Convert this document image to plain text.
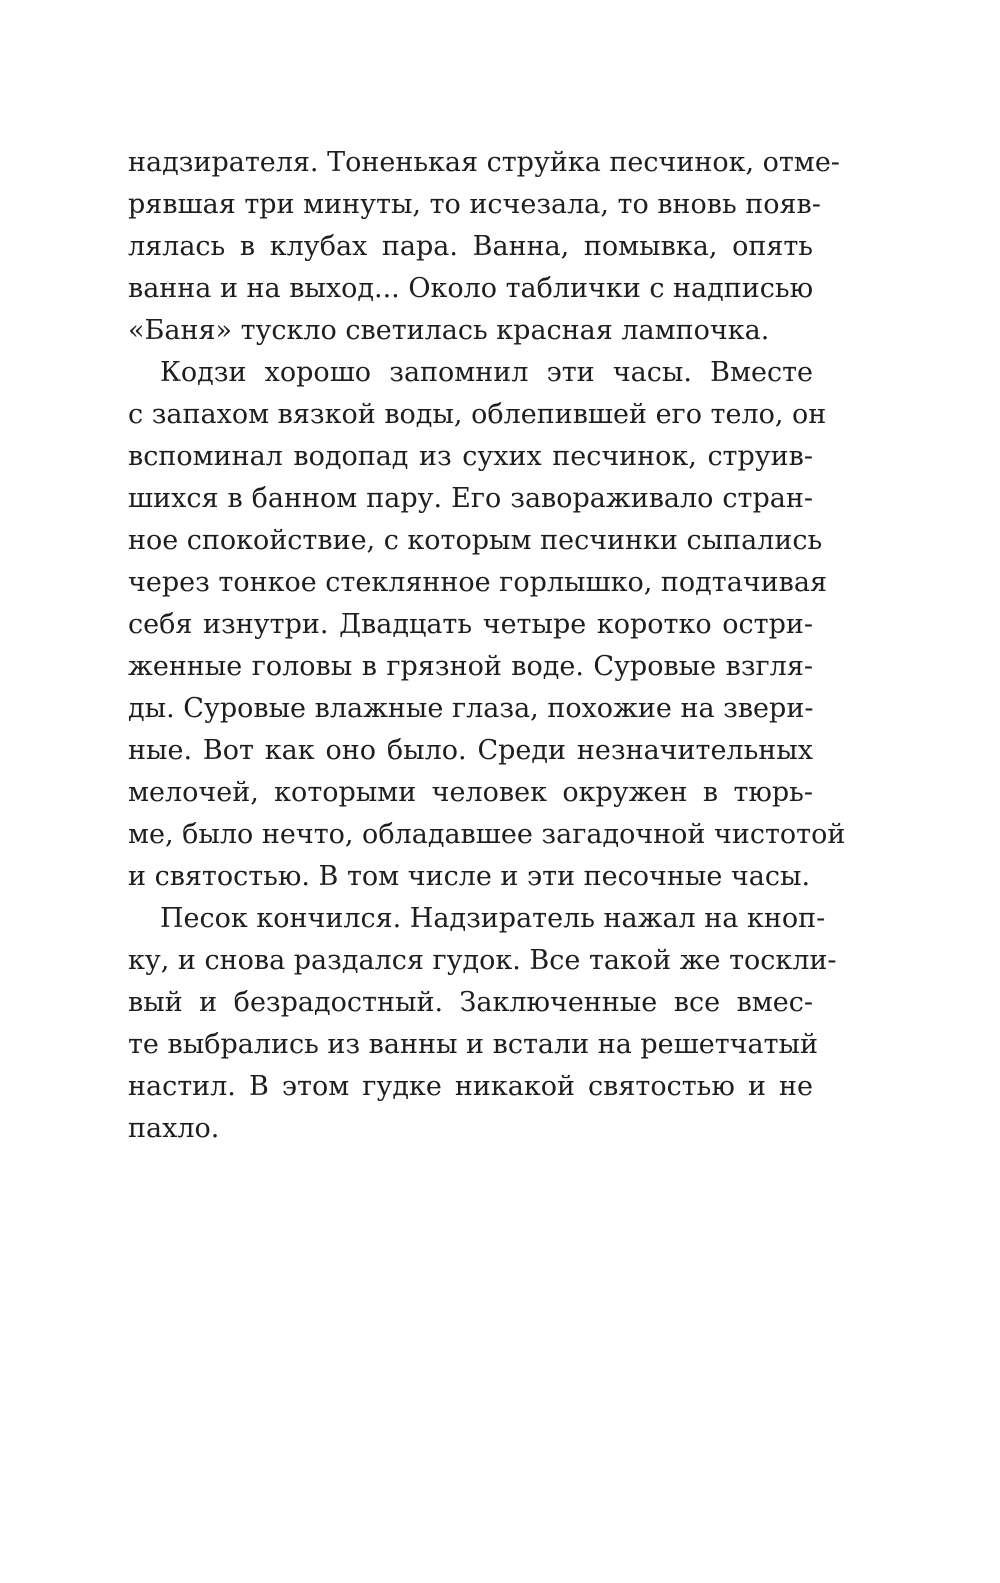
надзирателя. Тоненькая струйка песчинок, отме-
рявшая три минуты, то исчезала, то вновь появ-
лялась в клубах пара. Ванна, помывка, опять
ванна и на выход... Около таблички с надписью
«Баня» тускло светилась красная лампочка.
Кодзи хорошо запомнил эти часы. Вместе
с запахом вязкой воды, облепившей его тело, он
вспоминал водопад из сухих песчинок, струив-
шихся в банном пару. Его завораживало стран-
ное спокойствие, с которым песчинки сыпались
через тонкое стеклянное горлышко, подтачивая
себя изнутри. Двадцать четыре коротко остри-
женные головы в грязной воде. Суровые взгля-
ды. Суровые влажные глаза, похожие на звери-
ные. Вот как оно было. Среди незначительных
мелочей, которыми человек окружен в тюрь-
ме, было нечто, обладавшее загадочной чистотой
и святостью. В том числе и эти песочные часы.
Песок кончился. Надзиратель нажал на кноп-
ку, и снова раздался гудок. Все такой же тоскли-
вый и безрадостный. Заключенные все вмес-
те выбрались из ванны и встали на решетчатый
настил. В этом гудке никакой святостью и не
пахло.
